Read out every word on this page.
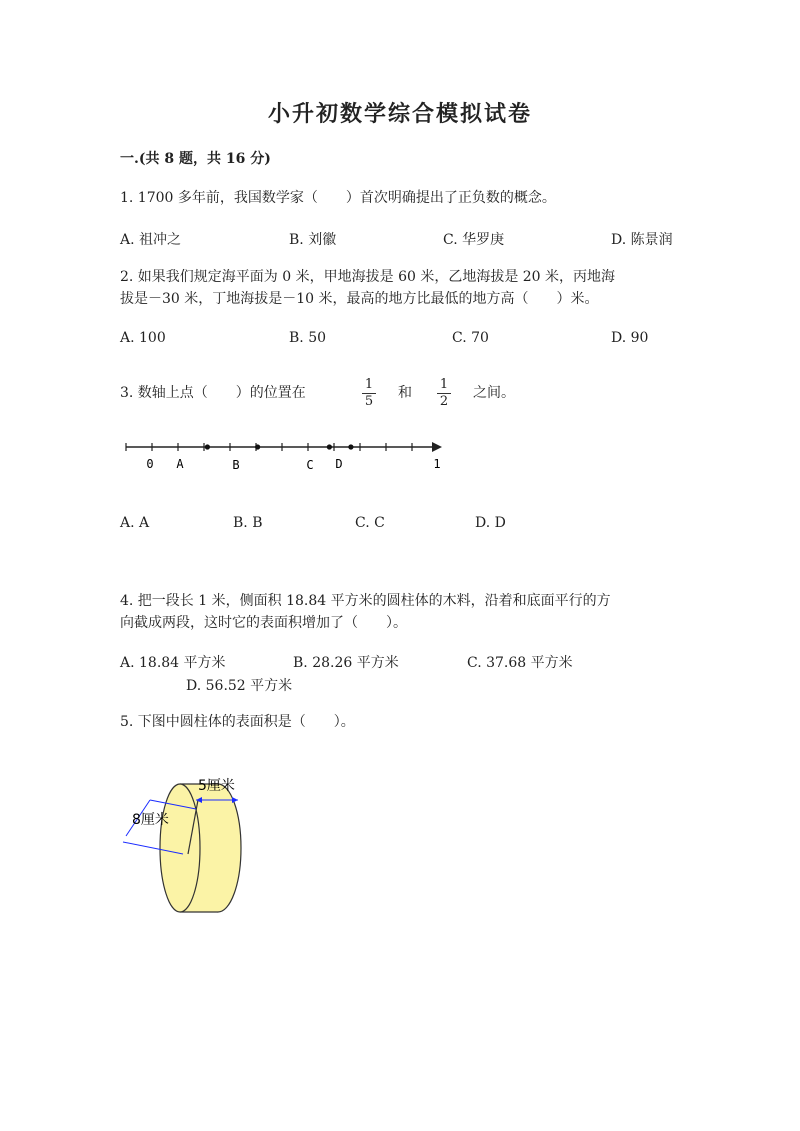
小升初数学综合模拟试卷
一.(共 8 题，共 16 分)
1. 1700 多年前，我国数学家（　　）首次明确提出了正负数的概念。
A. 祖冲之	B. 刘徽	C. 华罗庚	D. 陈景润
2. 如果我们规定海平面为 0 米，甲地海拔是 60 米，乙地海拔是 20 米，丙地海
拔是－30 米，丁地海拔是－10 米，最高的地方比最低的地方高（　　）米。
A. 100	B. 50	C. 70	D. 90
3. 数轴上点（　　）的位置在	$\frac{1}{5}$ 和 $\frac{1}{2}$ 之间。
0 A	B	C D	1
A. A	B. B	C. C	D. D
4. 把一段长 1 米，侧面积 18.84 平方米的圆柱体的木料，沿着和底面平行的方
向截成两段，这时它的表面积增加了（　　）。
A. 18.84 平方米	B. 28.26 平方米	C. 37.68 平方米
D. 56.52 平方米
5. 下图中圆柱体的表面积是（　　）。
5厘米
8厘米
